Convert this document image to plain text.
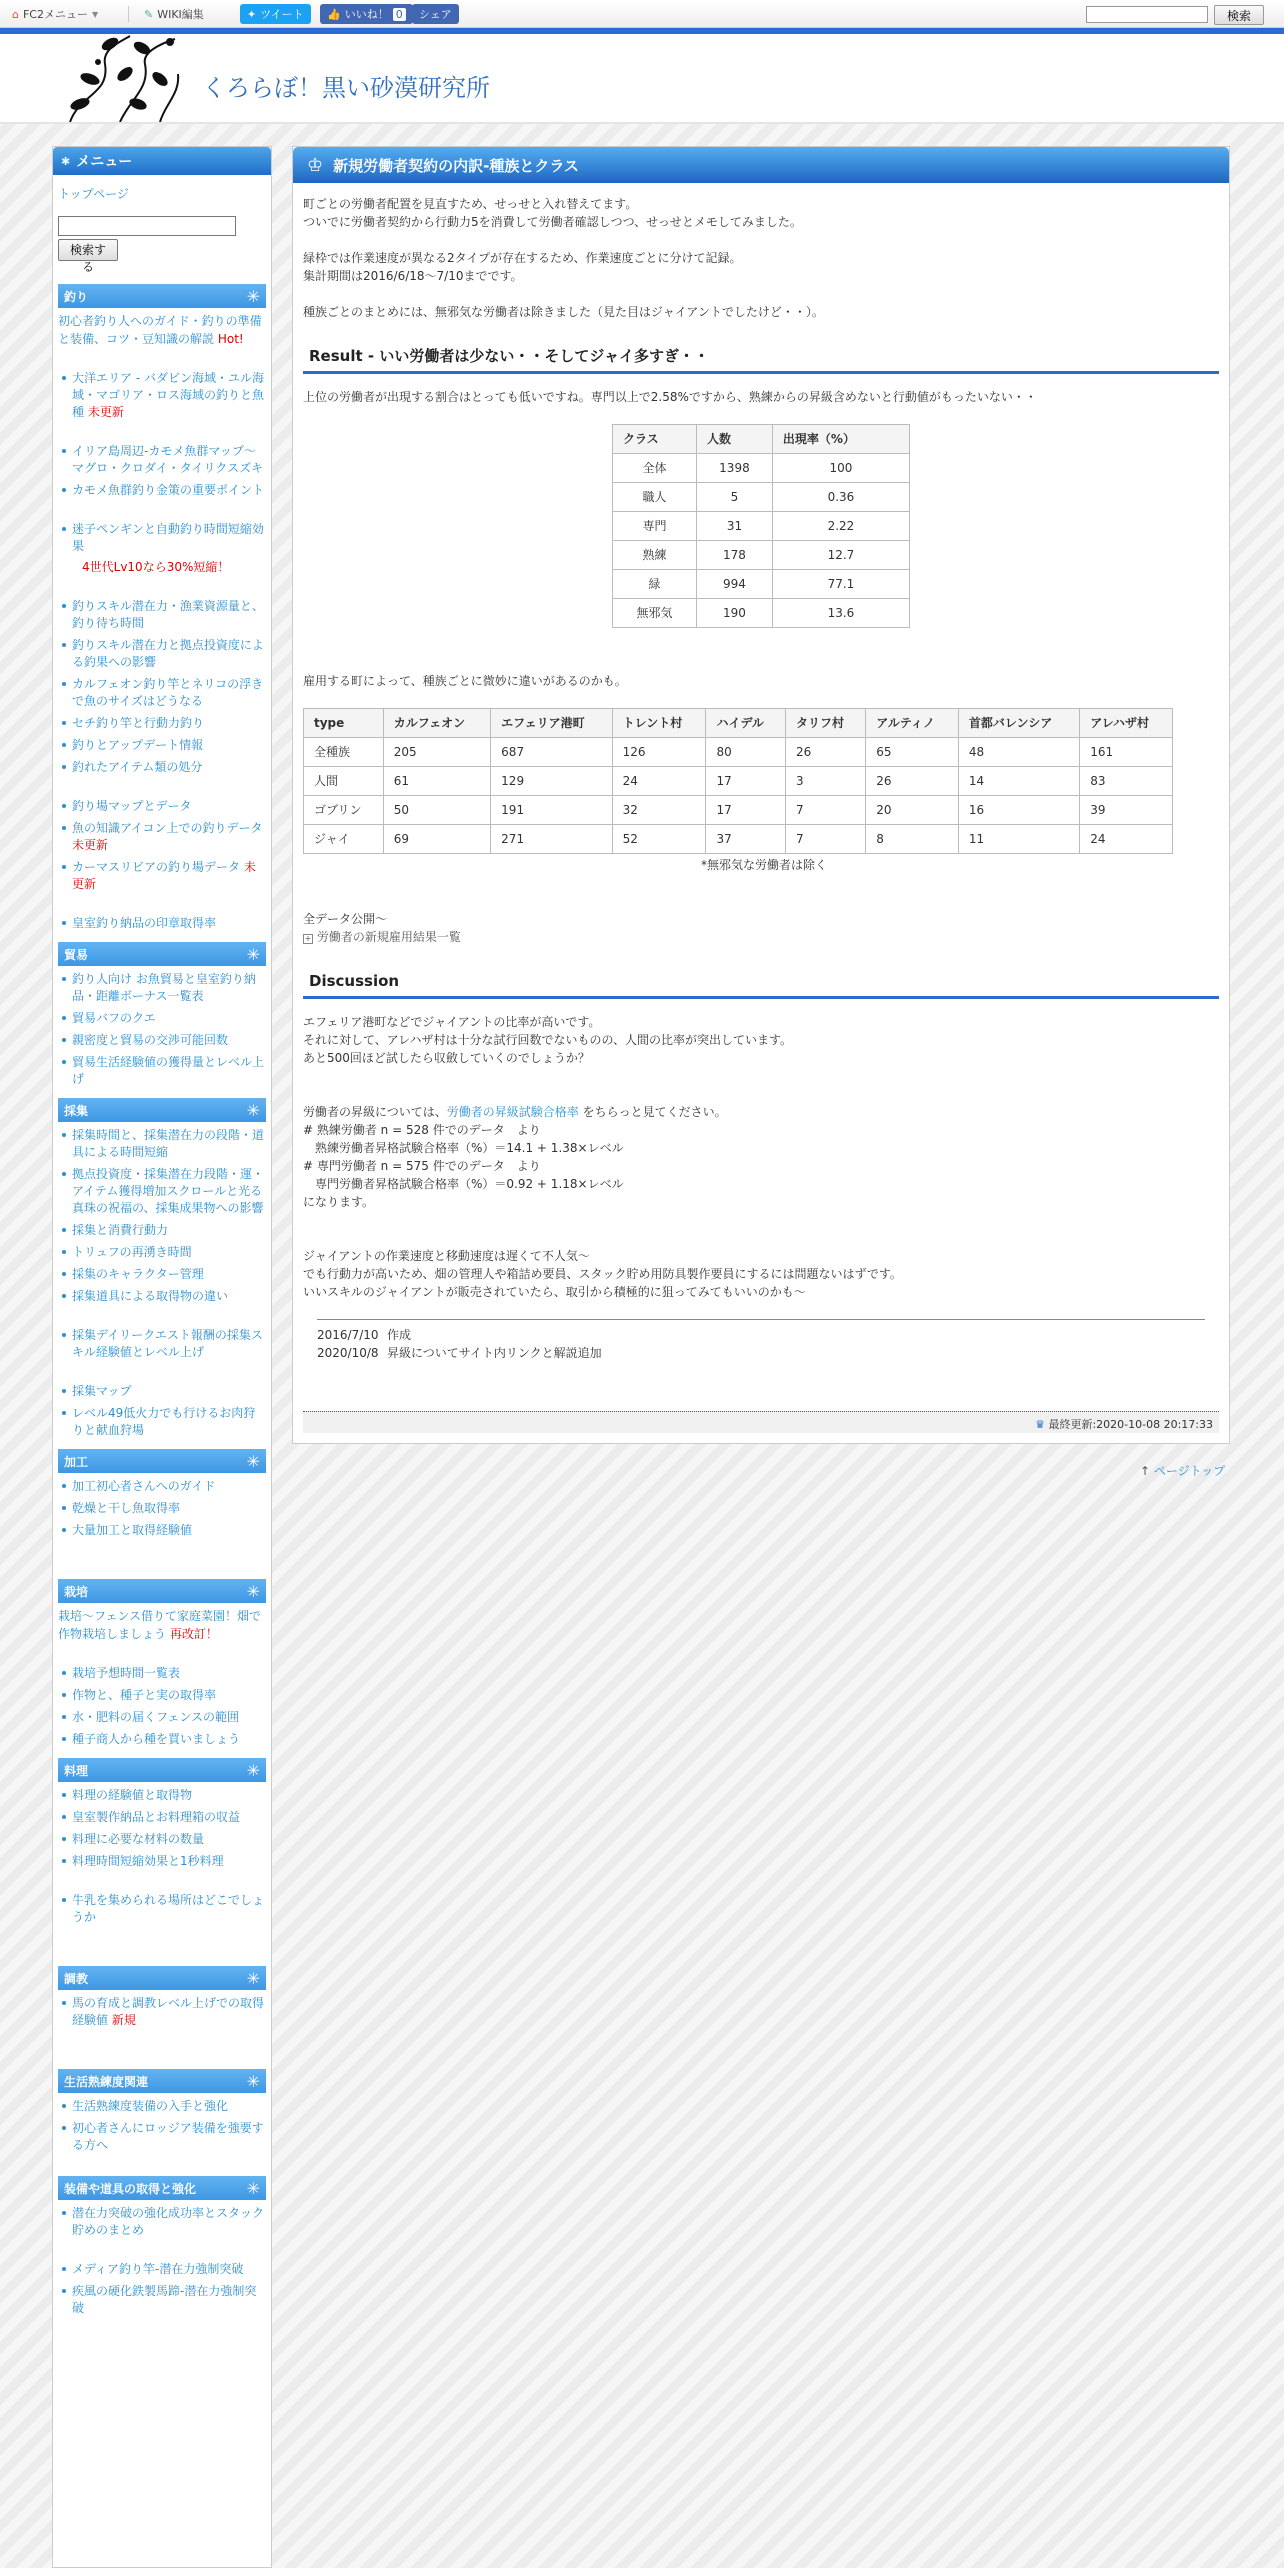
⌂ FC2メニュー ▼	✎ WIKI編集	✦ ツイート 👍 いいね！ 0 シェア	検索
くろらぼ！黒い砂漠研究所
✱ メニュー
トップページ
検索する
釣り	✳
初心者釣り人へのガイド・釣りの準備と装備、コツ・豆知識の解説 Hot!
大洋エリア - バダビン海域・ユル海域・マゴリア・ロス海域の釣りと魚種 未更新
イリア島周辺-カモメ魚群マップ～マグロ・クロダイ・タイリクスズキ
カモメ魚群釣り金策の重要ポイント
迷子ペンギンと自動釣り時間短縮効果
4世代Lv10なら30%短縮！
釣りスキル潜在力・漁業資源量と、釣り待ち時間
釣りスキル潜在力と拠点投資度による釣果への影響
カルフェオン釣り竿とネリコの浮きで魚のサイズはどうなる
セチ釣り竿と行動力釣り
釣りとアップデート情報
釣れたアイテム類の処分
釣り場マップとデータ
魚の知識アイコン上での釣りデータ 未更新
カーマスリビアの釣り場データ 未更新
皇室釣り納品の印章取得率
貿易	✳
釣り人向け お魚貿易と皇室釣り納品・距離ボーナス一覧表
貿易バフのクエ
親密度と貿易の交渉可能回数
貿易生活経験値の獲得量とレベル上げ
採集	✳
採集時間と、採集潜在力の段階・道具による時間短縮
拠点投資度・採集潜在力段階・運・アイテム獲得増加スクロールと光る真珠の祝福の、採集成果物への影響
採集と消費行動力
トリュフの再湧き時間
採集のキャラクター管理
採集道具による取得物の違い
採集デイリークエスト報酬の採集スキル経験値とレベル上げ
採集マップ
レベル49低火力でも行けるお肉狩りと献血狩場
加工	✳
加工初心者さんへのガイド
乾燥と干し魚取得率
大量加工と取得経験値
栽培	✳
栽培～フェンス借りて家庭菜園！畑で作物栽培しましょう 再改訂！
栽培予想時間一覧表
作物と、種子と実の取得率
水・肥料の届くフェンスの範囲
種子商人から種を買いましょう
料理	✳
料理の経験値と取得物
皇室製作納品とお料理箱の収益
料理に必要な材料の数量
料理時間短縮効果と1秒料理
牛乳を集められる場所はどこでしょうか
調教	✳
馬の育成と調教レベル上げでの取得経験値 新規
生活熟練度関連	✳
生活熟練度装備の入手と強化
初心者さんにロッジア装備を強要する方へ
装備や道具の取得と強化	✳
潜在力突破の強化成功率とスタック貯めのまとめ
メディア釣り竿-潜在力強制突破
疾風の硬化鉄製馬蹄-潜在力強制突破
♔ 新規労働者契約の内訳-種族とクラス

町ごとの労働者配置を見直すため、せっせと入れ替えてます。
ついでに労働者契約から行動力5を消費して労働者確認しつつ、せっせとメモしてみました。

緑枠では作業速度が異なる2タイプが存在するため、作業速度ごとに分けて記録。
集計期間は2016/6/18～7/10までです。

種族ごとのまとめには、無邪気な労働者は除きました（見た目はジャイアントでしたけど・・）。

Result - いい労働者は少ない・・そしてジャイ多すぎ・・

上位の労働者が出現する割合はとっても低いですね。専門以上で2.58%ですから、熟練からの昇級含めないと行動値がもったいない・・

クラス	人数	出現率（%）
全体	1398	100
職人	5	0.36
専門	31	2.22
熟練	178	12.7
緑	994	77.1
無邪気	190	13.6

雇用する町によって、種族ごとに微妙に違いがあるのかも。

type	カルフェオン	エフェリア港町	トレント村	ハイデル	タリフ村	アルティノ	首都バレンシア	アレハザ村
全種族	205	687	126	80	26	65	48	161
人間	61	129	24	17	3	26	14	83
ゴブリン	50	191	32	17	7	20	16	39
ジャイ	69	271	52	37	7	8	11	24
*無邪気な労働者は除く

全データ公開～

+ 労働者の新規雇用結果一覧

Discussion

エフェリア港町などでジャイアントの比率が高いです。
それに対して、アレハザ村は十分な試行回数でないものの、人間の比率が突出しています。
あと500回ほど試したら収斂していくのでしょうか？

労働者の昇級については、労働者の昇級試験合格率 をちらっと見てください。
# 熟練労働者 n = 528 件でのデータ　より
　熟練労働者昇格試験合格率（%）＝14.1 + 1.38×レベル
# 専門労働者 n = 575 件でのデータ　より
　専門労働者昇格試験合格率（%）＝0.92 + 1.18×レベル
になります。

ジャイアントの作業速度と移動速度は遅くて不人気～
でも行動力が高いため、畑の管理人や箱詰め要員、スタック貯め用防具製作要員にするには問題ないはずです。
いいスキルのジャイアントが販売されていたら、取引から積極的に狙ってみてもいいのかも～

2016/7/10 作成
2020/10/8 昇級についてサイト内リンクと解説追加
♛ 最終更新:2020-10-08 20:17:33
↑ ページトップ
